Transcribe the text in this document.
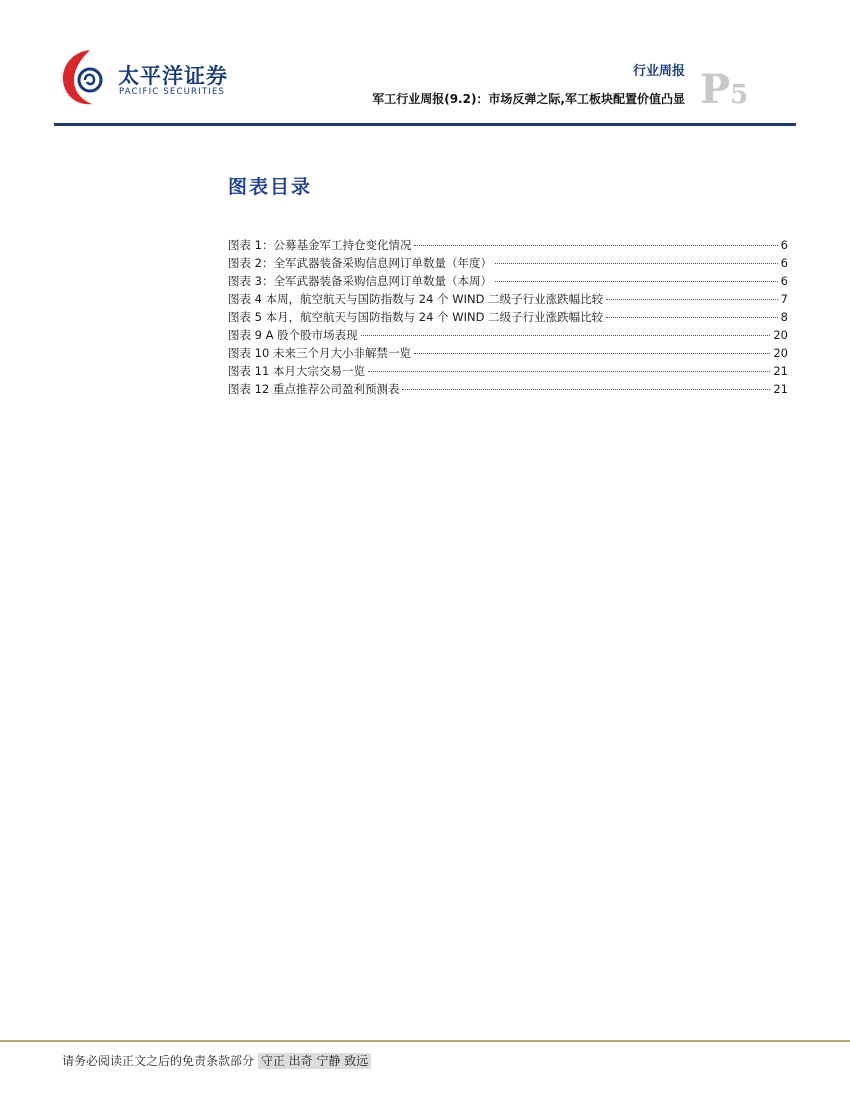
太平洋证券
PACIFIC SECURITIES
行业周报
军工行业周报(9.2)：市场反弹之际,军工板块配置价值凸显 P5
图表目录
图表 1：公募基金军工持仓变化情况	6
图表 2：全军武器装备采购信息网订单数量（年度）	6
图表 3：全军武器装备采购信息网订单数量（本周）	6
图表 4 本周，航空航天与国防指数与 24 个 WIND 二级子行业涨跌幅比较	7
图表 5 本月，航空航天与国防指数与 24 个 WIND 二级子行业涨跌幅比较	8
图表 9 A 股个股市场表现	20
图表 10 未来三个月大小非解禁一览	20
图表 11 本月大宗交易一览	21
图表 12 重点推荐公司盈利预测表	21
请务必阅读正文之后的免责条款部分 守正 出奇 宁静 致远
